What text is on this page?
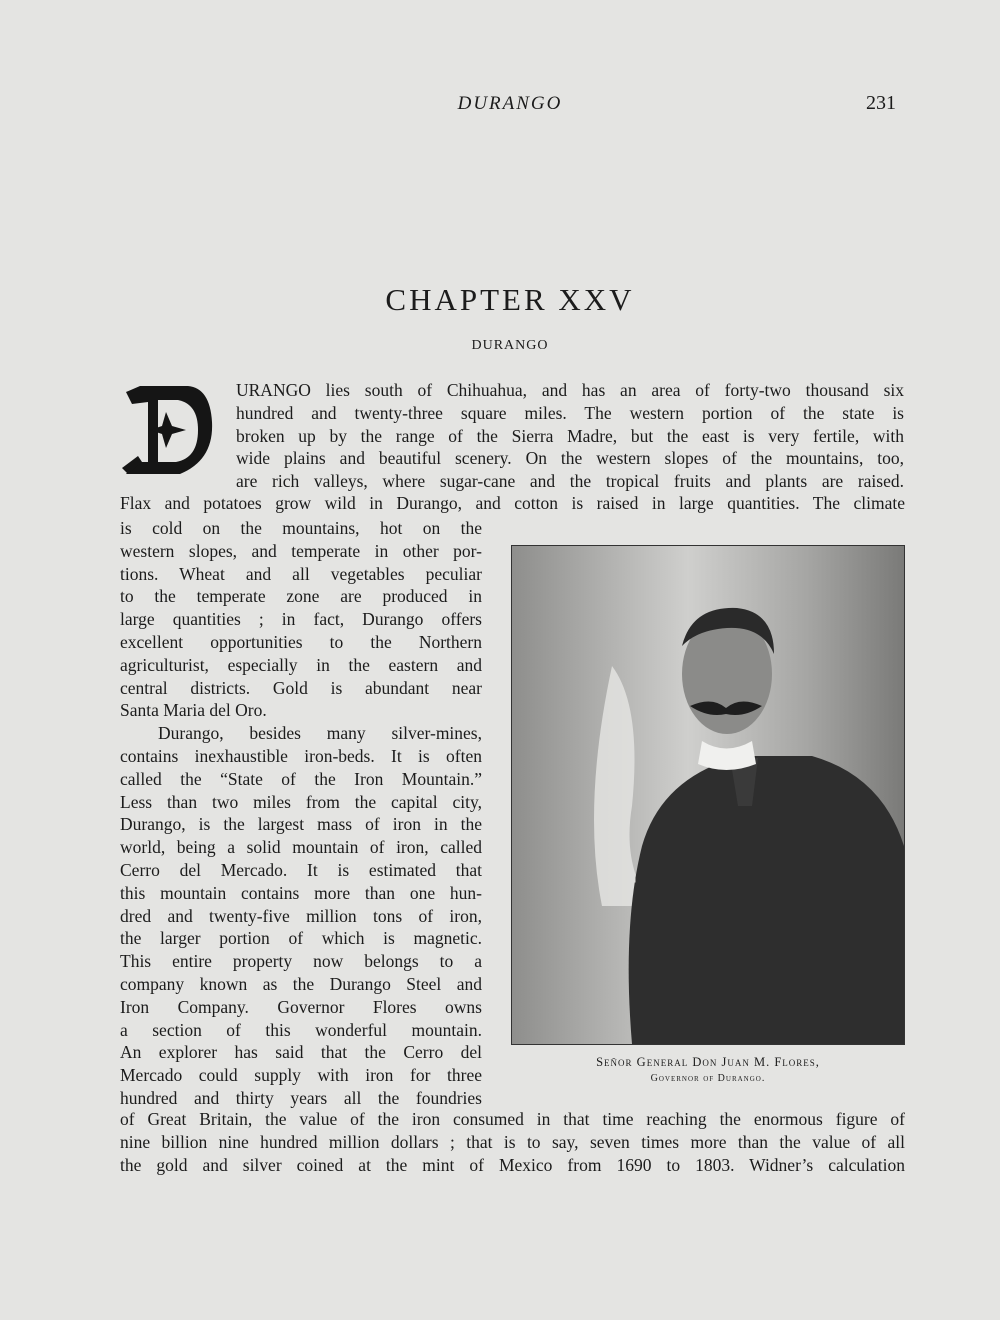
DURANGO	231
CHAPTER XXV
DURANGO
URANGO lies south of Chihuahua, and has an area of forty-two thousand six
hundred and twenty-three square miles. The western portion of the state is
broken up by the range of the Sierra Madre, but the east is very fertile, with
wide plains and beautiful scenery. On the western slopes of the mountains, too,
are rich valleys, where sugar-cane and the tropical fruits and plants are raised.
Flax and potatoes grow wild in Durango, and cotton is raised in large quantities. The climate
is cold on the mountains, hot on the
western slopes, and temperate in other por-
tions. Wheat and all vegetables peculiar
to the temperate zone are produced in
large quantities ; in fact, Durango offers
excellent opportunities to the Northern
agriculturist, especially in the eastern and
central districts. Gold is abundant near
Santa Maria del Oro.
Durango, besides many silver-mines,
contains inexhaustible iron-beds. It is often
called the “State of the Iron Mountain.”
Less than two miles from the capital city,
Durango, is the largest mass of iron in the
world, being a solid mountain of iron, called
Cerro del Mercado. It is estimated that
this mountain contains more than one hun-
dred and twenty-five million tons of iron,
the larger portion of which is magnetic.
This entire property now belongs to a
company known as the Durango Steel and
Iron Company. Governor Flores owns
a section of this wonderful mountain.
An explorer has said that the Cerro del
Mercado could supply with iron for three
hundred and thirty years all the foundries
Señor General Don Juan M. Flores,
Governor of Durango.
of Great Britain, the value of the iron consumed in that time reaching the enormous figure of
nine billion nine hundred million dollars ; that is to say, seven times more than the value of all
the gold and silver coined at the mint of Mexico from 1690 to 1803. Widner’s calculation
